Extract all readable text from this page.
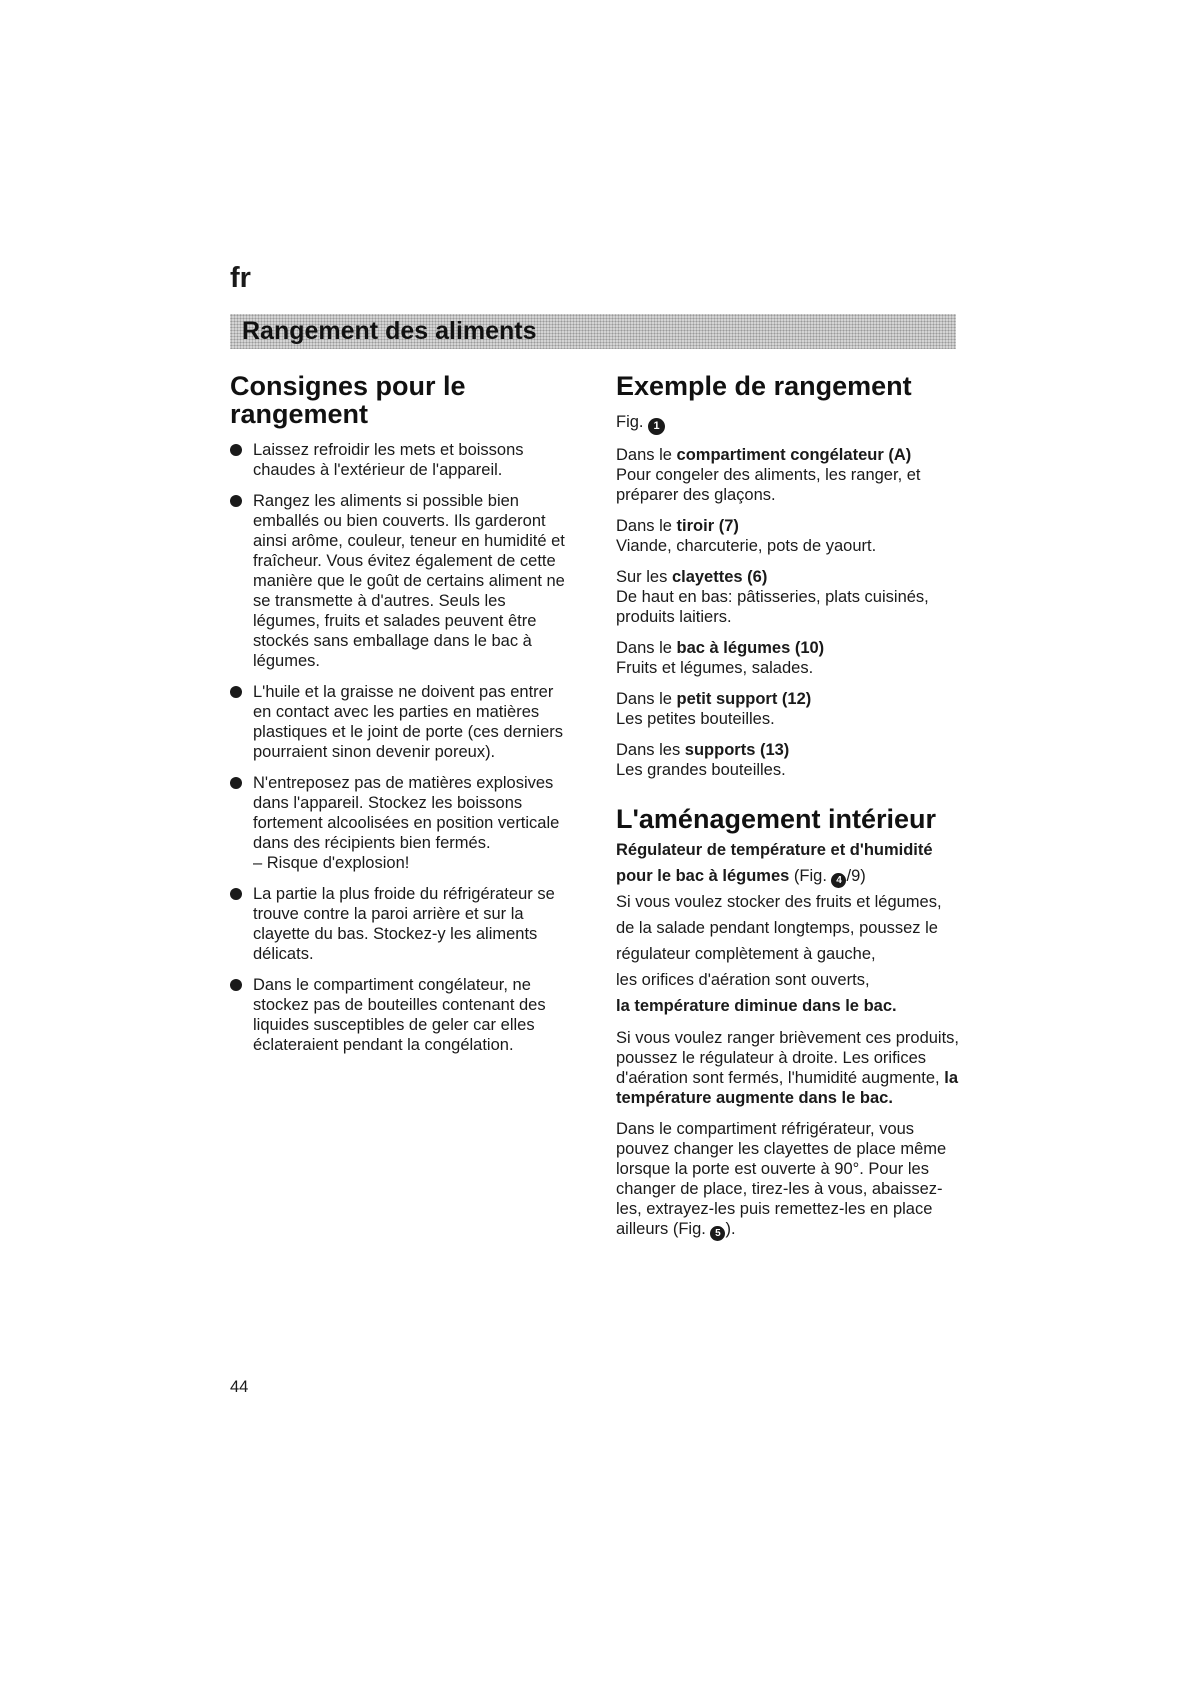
fr
Rangement des aliments
Consignes pour le rangement
Laissez refroidir les mets et boissons chaudes à l'extérieur de l'appareil.
Rangez les aliments si possible bien emballés ou bien couverts. Ils garderont ainsi arôme, couleur, teneur en humidité et fraîcheur. Vous évitez également de cette manière que le goût de certains aliment ne se transmette à d'autres. Seuls les légumes, fruits et salades peuvent être stockés sans emballage dans le bac à légumes.
L'huile et la graisse ne doivent pas entrer en contact avec les parties en matières plastiques et le joint de porte (ces derniers pourraient sinon devenir poreux).
N'entreposez pas de matières explosives dans l'appareil. Stockez les boissons fortement alcoolisées en position verticale dans des récipients bien fermés.
– Risque d'explosion!
La partie la plus froide du réfrigérateur se trouve contre la paroi arrière et sur la clayette du bas. Stockez-y les aliments délicats.
Dans le compartiment congélateur, ne stockez pas de bouteilles contenant des liquides susceptibles de geler car elles éclateraient pendant la congélation.
Exemple de rangement
Fig. 1

Dans le compartiment congélateur (A)
Pour congeler des aliments, les ranger, et préparer des glaçons.

Dans le tiroir (7)
Viande, charcuterie, pots de yaourt.

Sur les clayettes (6)
De haut en bas: pâtisseries, plats cuisinés, produits laitiers.

Dans le bac à légumes (10)
Fruits et légumes, salades.

Dans le petit support (12)
Les petites bouteilles.

Dans les supports (13)
Les grandes bouteilles.

L'aménagement intérieur
Régulateur de température et d'humidité
pour le bac à légumes (Fig. 4 /9)

Si vous voulez stocker des fruits et légumes,
de la salade pendant longtemps, poussez le
régulateur complètement à gauche,
les orifices d'aération sont ouverts,
la température diminue dans le bac.

Si vous voulez ranger brièvement ces produits, poussez le régulateur à droite. Les orifices d'aération sont fermés, l'humidité augmente, la température augmente dans le bac.

Dans le compartiment réfrigérateur, vous pouvez changer les clayettes de place même lorsque la porte est ouverte à 90°. Pour les changer de place, tirez-les à vous, abaissez-les, extrayez-les puis remettez-les en place ailleurs (Fig. 5 ).

44
